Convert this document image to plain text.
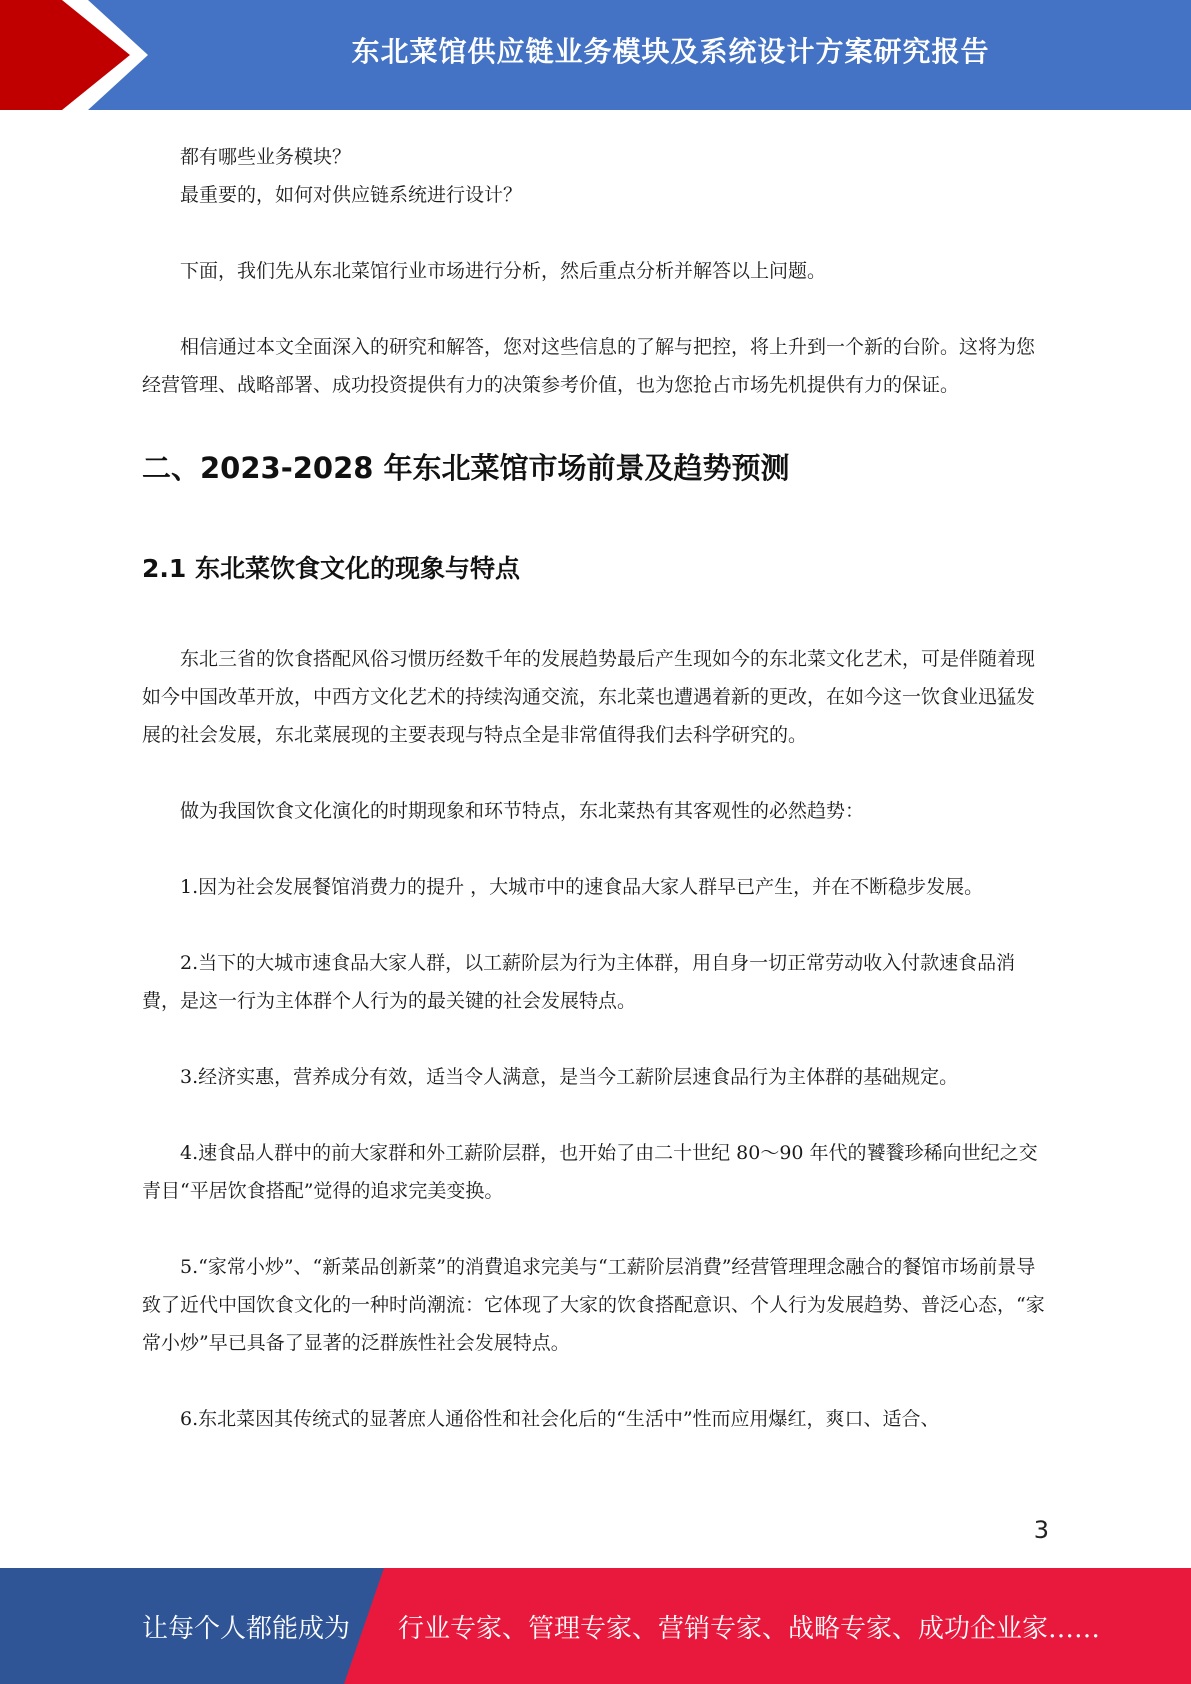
东北菜馆供应链业务模块及系统设计方案研究报告

都有哪些业务模块？

最重要的，如何对供应链系统进行设计？

下面，我们先从东北菜馆行业市场进行分析，然后重点分析并解答以上问题。

相信通过本文全面深入的研究和解答，您对这些信息的了解与把控，将上升到一个新的台阶。这将为您经营管理、战略部署、成功投资提供有力的决策参考价值，也为您抢占市场先机提供有力的保证。

二、2023-2028 年东北菜馆市场前景及趋势预测
2.1 东北菜饮食文化的现象与特点

东北三省的饮食搭配风俗习惯历经数千年的发展趋势最后产生现如今的东北菜文化艺术，可是伴随着现如今中国改革开放，中西方文化艺术的持续沟通交流，东北菜也遭遇着新的更改，在如今这一饮食业迅猛发展的社会发展，东北菜展现的主要表现与特点全是非常值得我们去科学研究的。

做为我国饮食文化演化的时期现象和环节特点，东北菜热有其客观性的必然趋势：

1.因为社会发展餐馆消费力的提升 ，大城市中的速食品大家人群早已产生，并在不断稳步发展。

2.当下的大城市速食品大家人群，以工薪阶层为行为主体群，用自身一切正常劳动收入付款速食品消費，是这一行为主体群个人行为的最关键的社会发展特点。

3.经济实惠，营养成分有效，适当令人满意，是当今工薪阶层速食品行为主体群的基础规定。

4.速食品人群中的前大家群和外工薪阶层群，也开始了由二十世纪 80～90 年代的饕餮珍稀向世纪之交青目“平居饮食搭配”觉得的追求完美变换。

5.“家常小炒”、“新菜品创新菜”的消費追求完美与“工薪阶层消費”经营管理理念融合的餐馆市场前景导致了近代中国饮食文化的一种时尚潮流：它体现了大家的饮食搭配意识、个人行为发展趋势、普泛心态，“家常小炒”早已具备了显著的泛群族性社会发展特点。

6.东北菜因其传统式的显著庶人通俗性和社会化后的“生活中”性而应用爆红，爽口、适合、

3
让每个人都能成为 行业专家、管理专家、营销专家、战略专家、成功企业家……
